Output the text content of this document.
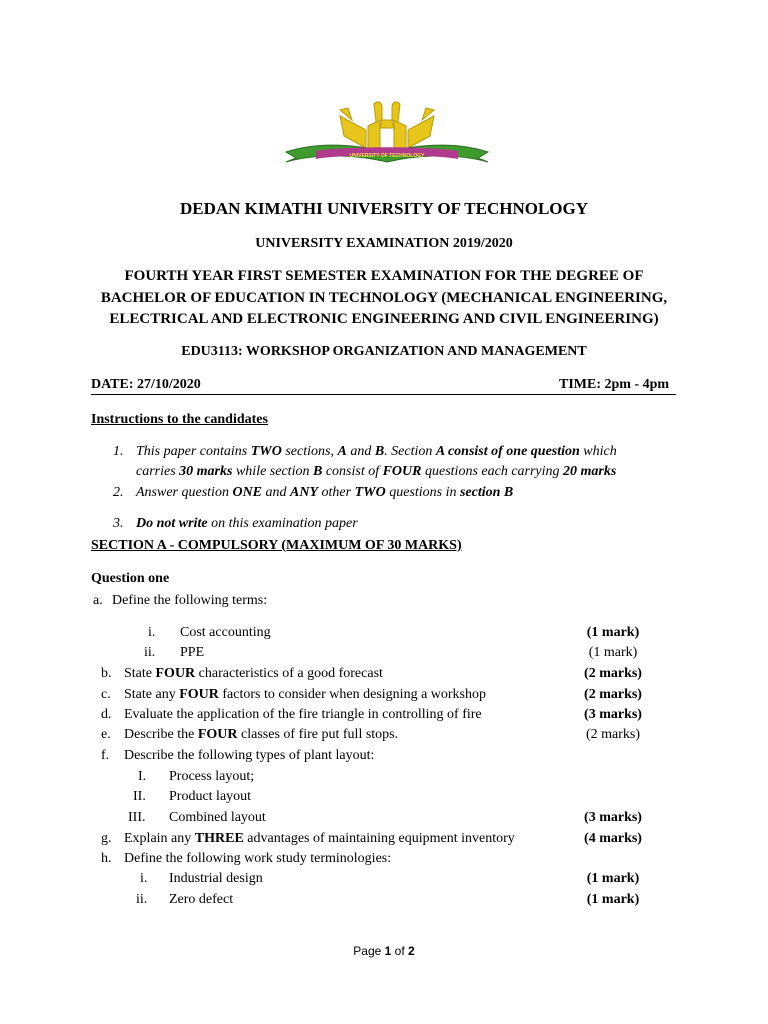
UNIVERSITY OF TECHNOLOGY
DEDAN KIMATHI UNIVERSITY OF TECHNOLOGY
UNIVERSITY EXAMINATION 2019/2020
FOURTH YEAR FIRST SEMESTER EXAMINATION FOR THE DEGREE OF
BACHELOR OF EDUCATION IN TECHNOLOGY (MECHANICAL ENGINEERING,
ELECTRICAL AND ELECTRONIC ENGINEERING AND CIVIL ENGINEERING)
EDU3113: WORKSHOP ORGANIZATION AND MANAGEMENT
DATE: 27/10/2020	TIME: 2pm - 4pm
Instructions to the candidates
1. This paper contains TWO sections, A and B. Section A consist of one question which
carries 30 marks while section B consist of FOUR questions each carrying 20 marks
2. Answer question ONE and ANY other TWO questions in section B
3. Do not write on this examination paper
SECTION A - COMPULSORY (MAXIMUM OF 30 MARKS)
Question one
a. Define the following terms:
i. Cost accounting	(1 mark)
ii. PPE	(1 mark)
b. State FOUR characteristics of a good forecast	(2 marks)
c. State any FOUR factors to consider when designing a workshop	(2 marks)
d. Evaluate the application of the fire triangle in controlling of fire	(3 marks)
e. Describe the FOUR classes of fire put full stops.	(2 marks)
f. Describe the following types of plant layout:
I. Process layout;
II. Product layout
III. Combined layout	(3 marks)
g. Explain any THREE advantages of maintaining equipment inventory	(4 marks)
h. Define the following work study terminologies:
i. Industrial design	(1 mark)
ii. Zero defect	(1 mark)
Page 1 of 2
